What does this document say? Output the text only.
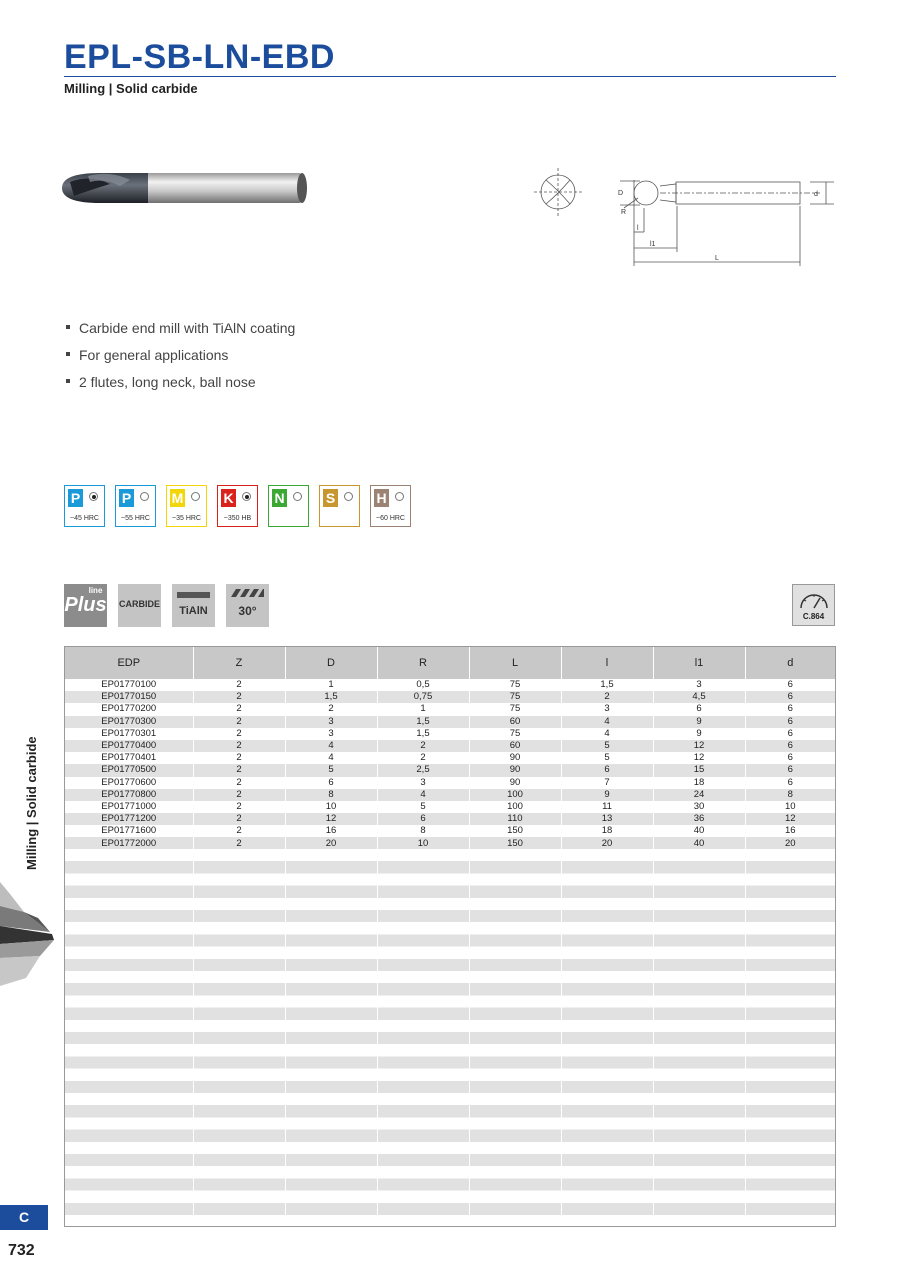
EPL-SB-LN-EBD
Milling | Solid carbide
D
R
l
l1
L
d
Carbide end mill with TiAlN coating
For general applications
2 flutes, long neck, ball nose
P
~45 HRC
P
~55 HRC
M
~35 HRC
K
~350 HB
N	S	H
~60 HRC
Plus
line
CARBIDE
TiAlN	30°	C.864
EDP	Z	D	R	L	l	l1	d
EP01770100	2	1	0,5	75	1,5	3	6
EP01770150	2	1,5	0,75	75	2	4,5	6
EP01770200	2	2	1	75	3	6	6
EP01770300	2	3	1,5	60	4	9	6
EP01770301	2	3	1,5	75	4	9	6
EP01770400	2	4	2	60	5	12	6
EP01770401	2	4	2	90	5	12	6
EP01770500	2	5	2,5	90	6	15	6
EP01770600	2	6	3	90	7	18	6
EP01770800	2	8	4	100	9	24	8
EP01771000	2	10	5	100	11	30	10
EP01771200	2	12	6	110	13	36	12
EP01771600	2	16	8	150	18	40	16
EP01772000	2	20	10	150	20	40	20
Milling | Solid carbide
C
732
